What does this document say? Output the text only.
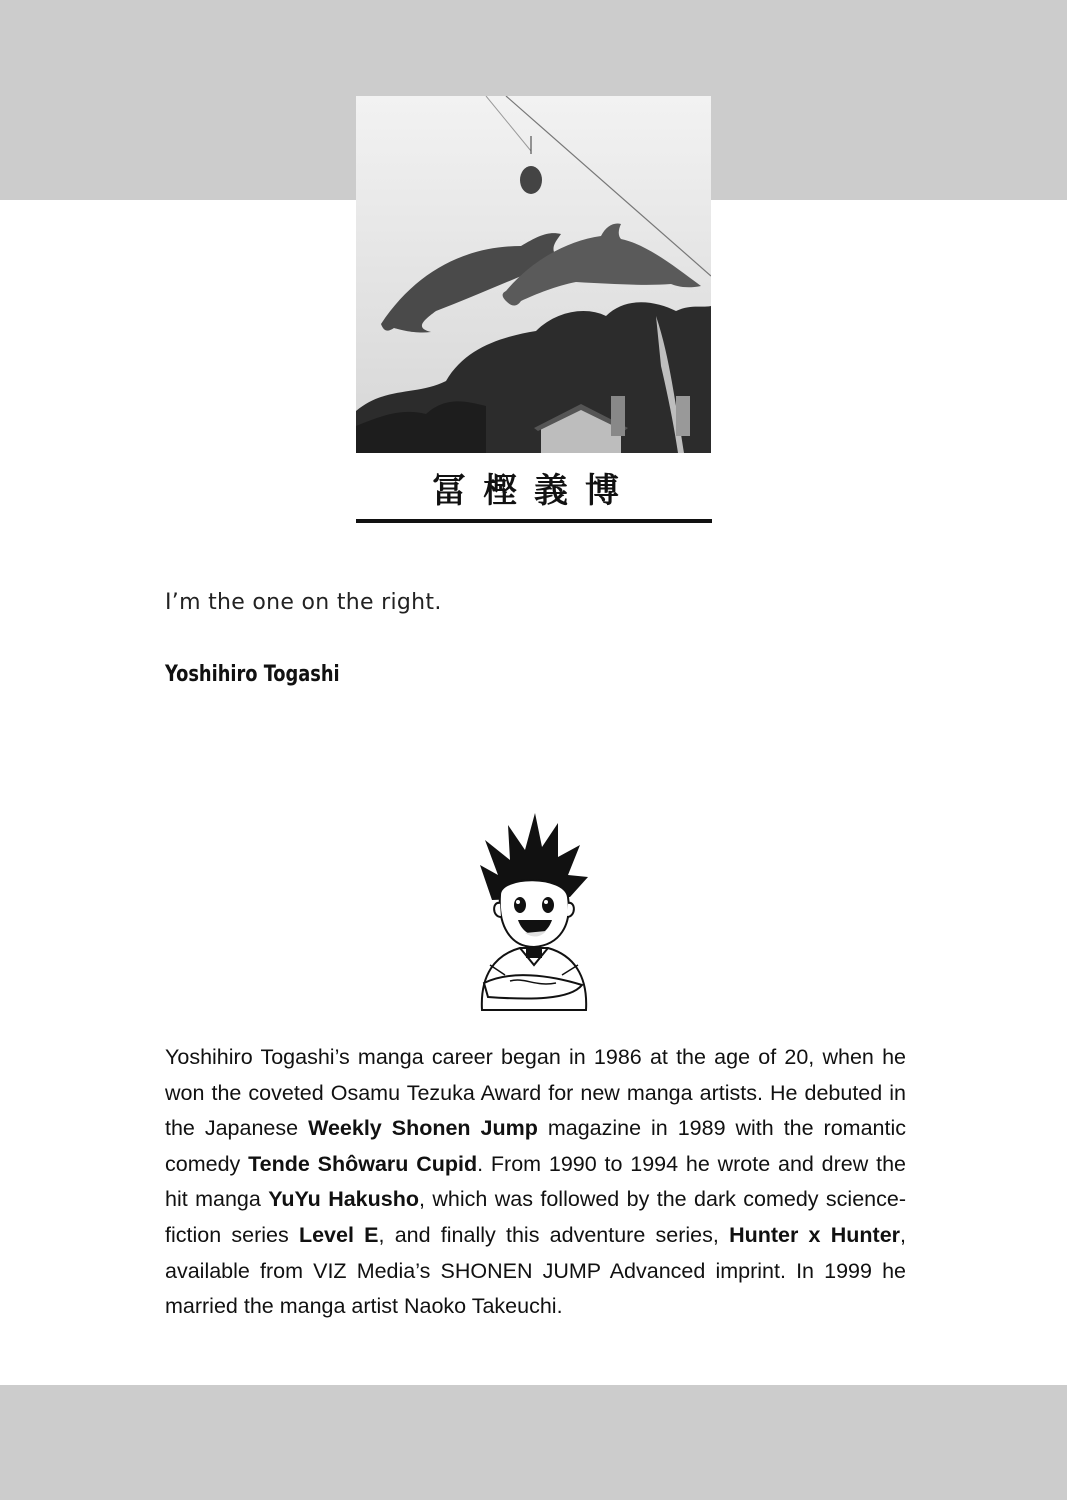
冨樫義博
I’m the one on the right.
Yoshihiro Togashi
Yoshihiro Togashi’s manga career began in 1986 at the age of 20, when he won the coveted Osamu Tezuka Award for new manga artists. He debuted in the Japanese Weekly Shonen Jump magazine in 1989 with the romantic comedy Tende Shôwaru Cupid. From 1990 to 1994 he wrote and drew the hit manga YuYu Hakusho, which was followed by the dark comedy science-fiction series Level E, and finally this adventure series, Hunter x Hunter, available from VIZ Media’s SHONEN JUMP Advanced imprint. In 1999 he married the manga artist Naoko Takeuchi.
